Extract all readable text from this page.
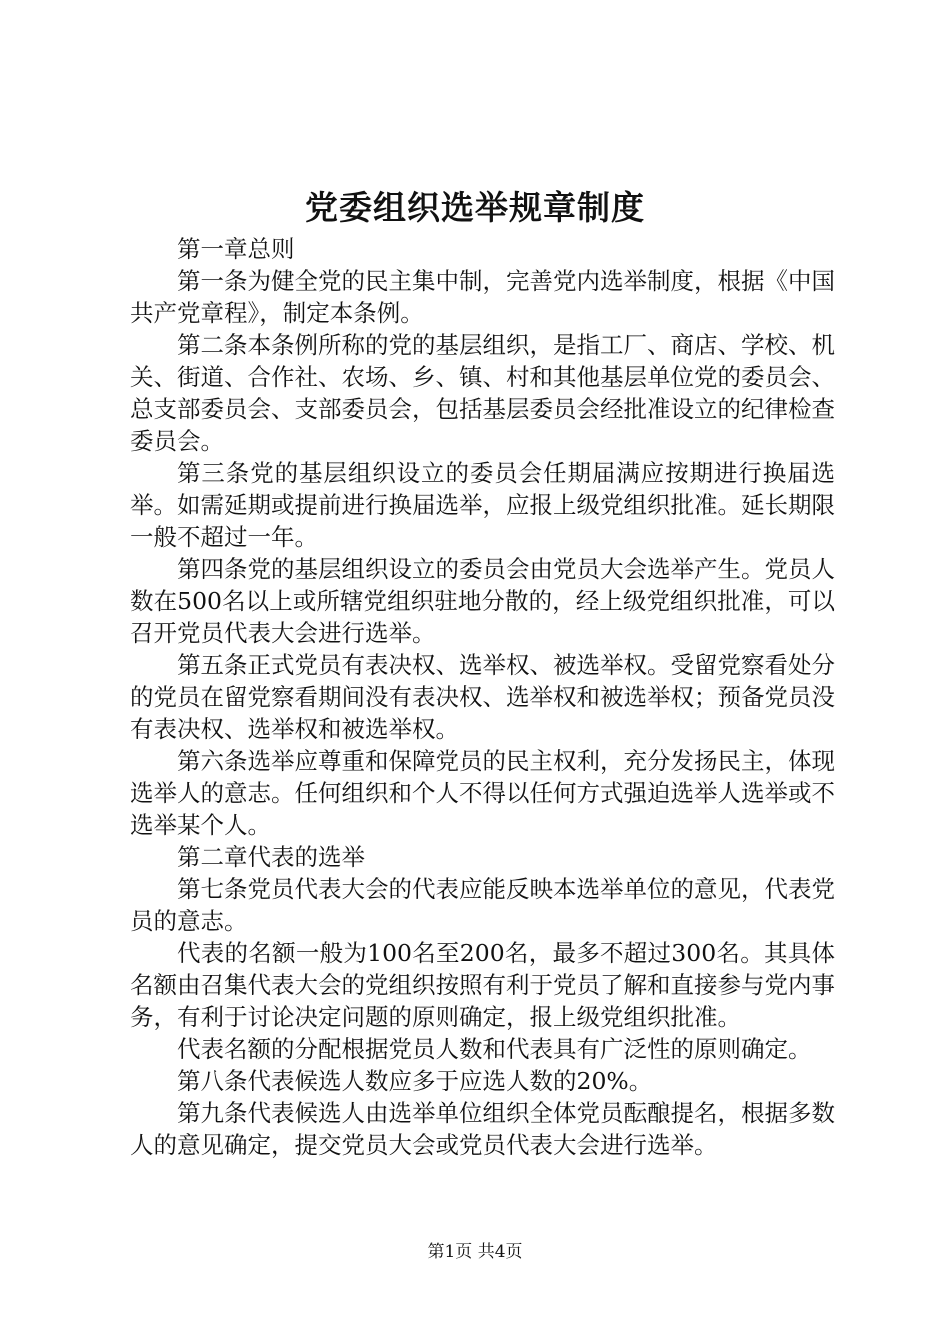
党委组织选举规章制度

第一章总则

第一条为健全党的民主集中制，完善党内选举制度，根据《中国共产党章程》，制定本条例。

第二条本条例所称的党的基层组织，是指工厂、商店、学校、机关、街道、合作社、农场、乡、镇、村和其他基层单位党的委员会、总支部委员会、支部委员会，包括基层委员会经批准设立的纪律检查委员会。

第三条党的基层组织设立的委员会任期届满应按期进行换届选举。如需延期或提前进行换届选举，应报上级党组织批准。延长期限一般不超过一年。

第四条党的基层组织设立的委员会由党员大会选举产生。党员人数在500名以上或所辖党组织驻地分散的，经上级党组织批准，可以召开党员代表大会进行选举。

第五条正式党员有表决权、选举权、被选举权。受留党察看处分的党员在留党察看期间没有表决权、选举权和被选举权；预备党员没有表决权、选举权和被选举权。

第六条选举应尊重和保障党员的民主权利，充分发扬民主，体现选举人的意志。任何组织和个人不得以任何方式强迫选举人选举或不选举某个人。

第二章代表的选举

第七条党员代表大会的代表应能反映本选举单位的意见，代表党员的意志。

代表的名额一般为100名至200名，最多不超过300名。其具体名额由召集代表大会的党组织按照有利于党员了解和直接参与党内事务，有利于讨论决定问题的原则确定，报上级党组织批准。

代表名额的分配根据党员人数和代表具有广泛性的原则确定。

第八条代表候选人数应多于应选人数的20%。

第九条代表候选人由选举单位组织全体党员酝酿提名，根据多数人的意见确定，提交党员大会或党员代表大会进行选举。

第1页 共4页
